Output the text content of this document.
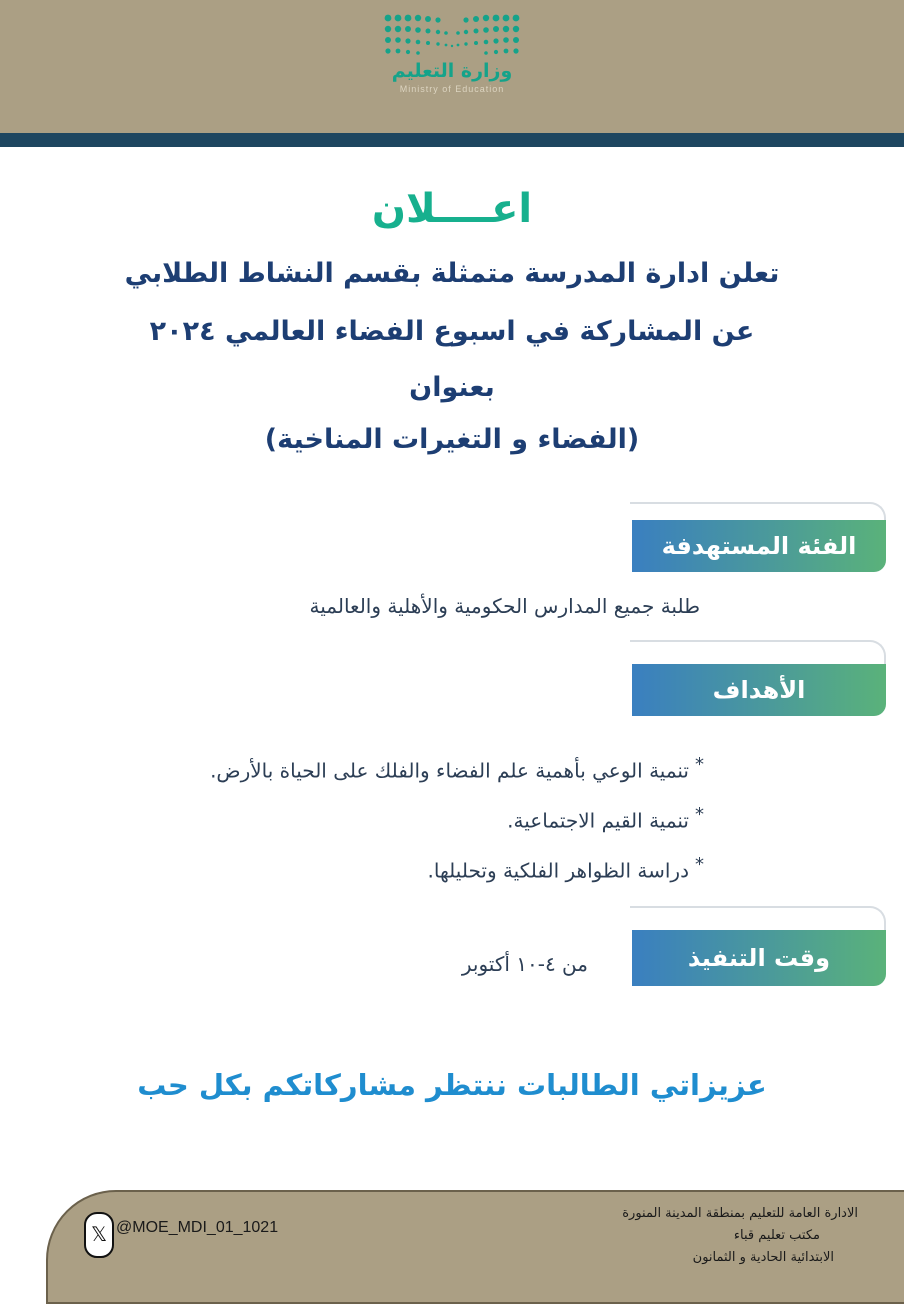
وزارة التعليم
Ministry of Education
اعــــلان
تعلن ادارة المدرسة متمثلة بقسم النشاط الطلابي
عن المشاركة في اسبوع الفضاء العالمي ٢٠٢٤
بعنوان
(الفضاء و التغيرات المناخية)
الفئة المستهدفة
طلبة جميع المدارس الحكومية والأهلية والعالمية
الأهداف
*تنمية الوعي بأهمية علم الفضاء والفلك على الحياة بالأرض.
*تنمية القيم الاجتماعية.
*دراسة الظواهر الفلكية وتحليلها.
وقت التنفيذ
من ٤-١٠ أكتوبر
عزيزاتي الطالبات ننتظر مشاركاتكم بكل حب
𝕏 @MOE_MDI_01_1021
الادارة العامة للتعليم بمنطقة المدينة المنورة
مكتب تعليم قباء
الابتدائية الحادية و الثمانون
